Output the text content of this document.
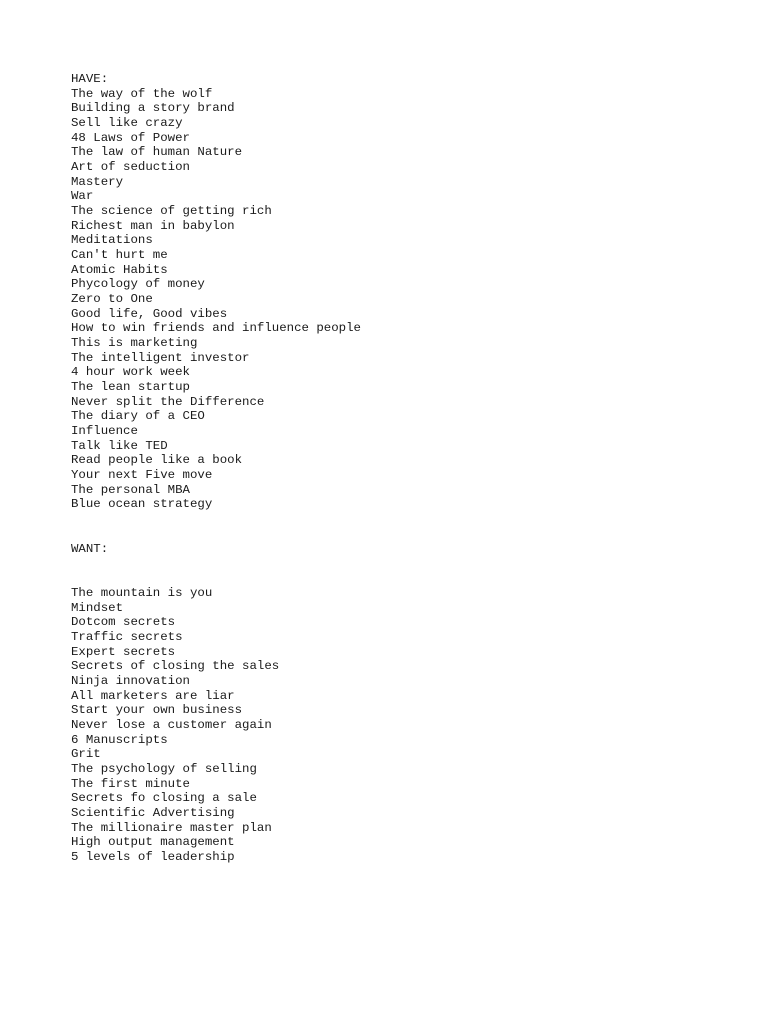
HAVE:
The way of the wolf
Building a story brand
Sell like crazy
48 Laws of Power
The law of human Nature
Art of seduction
Mastery
War
The science of getting rich
Richest man in babylon
Meditations
Can't hurt me
Atomic Habits
Phycology of money
Zero to One
Good life, Good vibes
How to win friends and influence people
This is marketing
The intelligent investor
4 hour work week
The lean startup
Never split the Difference
The diary of a CEO
Influence
Talk like TED
Read people like a book
Your next Five move
The personal MBA
Blue ocean strategy
WANT:
The mountain is you
Mindset
Dotcom secrets
Traffic secrets
Expert secrets
Secrets of closing the sales
Ninja innovation
All marketers are liar
Start your own business
Never lose a customer again
6 Manuscripts
Grit
The psychology of selling
The first minute
Secrets fo closing a sale
Scientific Advertising
The millionaire master plan
High output management
5 levels of leadership
